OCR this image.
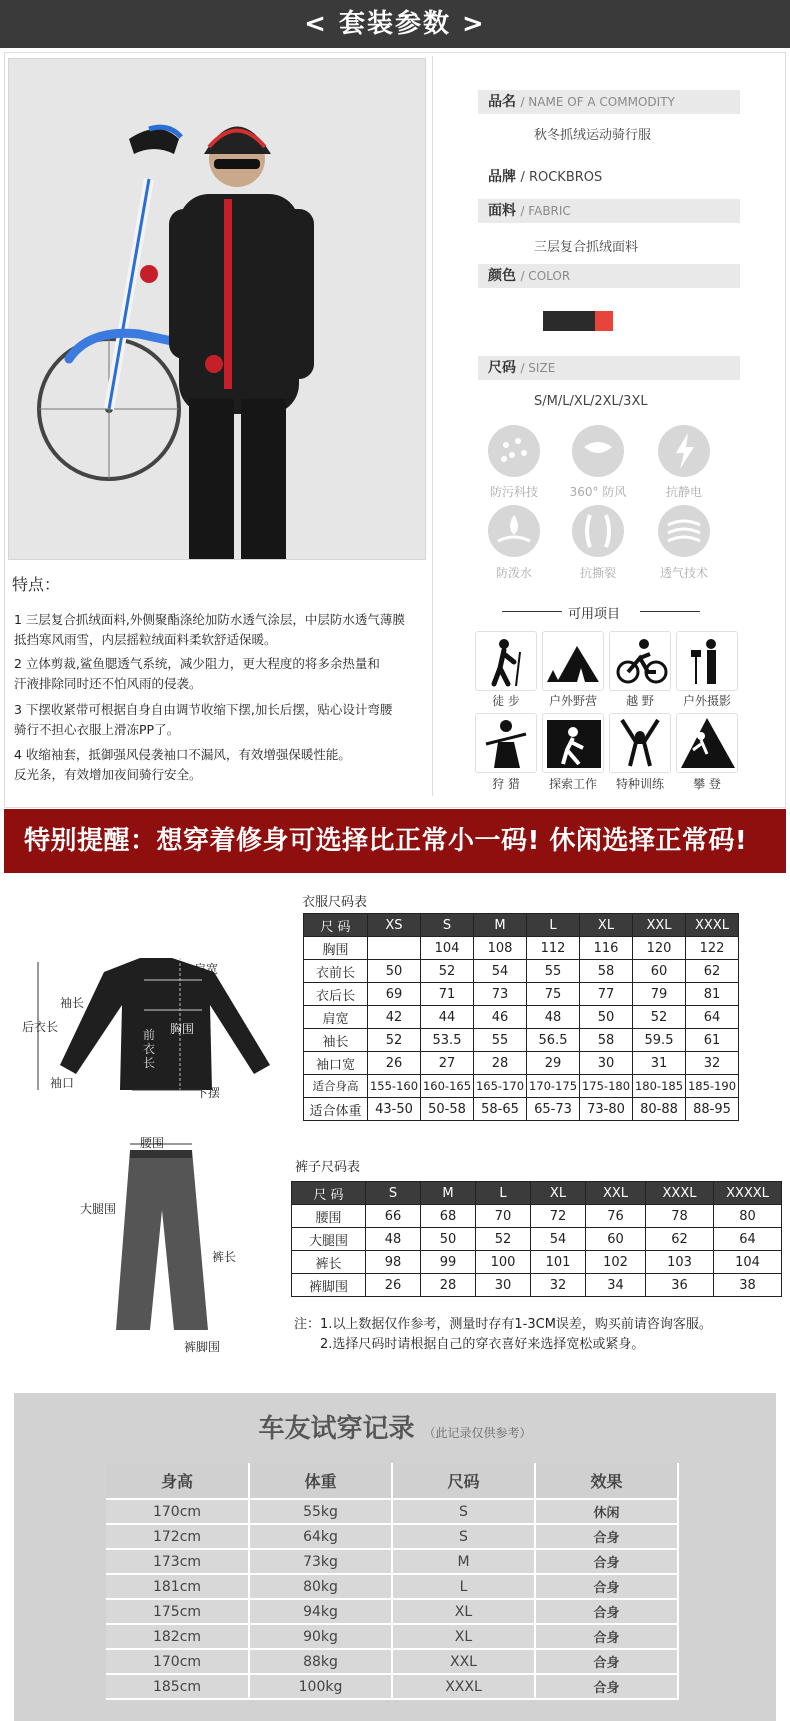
< 套装参数 >
品名 / NAME OF A COMMODITY
秋冬抓绒运动骑行服
品牌 / ROCKBROS
面料 / FABRIC
三层复合抓绒面料
颜色 / COLOR
尺码 / SIZE
S/M/L/XL/2XL/3XL
防污科技	360° 防风	抗静电
防泼水	抗撕裂	透气技术
可用项目
徒 步	户外野营	越 野	户外摄影
狩 猎	探索工作	特种训练	攀 登
特点：
1 三层复合抓绒面料,外侧聚酯涤纶加防水透气涂层，中层防水透气薄膜
抵挡寒风雨雪，内层摇粒绒面料柔软舒适保暖。
2 立体剪裁,鲨鱼腮透气系统，减少阻力，更大程度的将多余热量和
汗液排除同时还不怕风雨的侵袭。
3 下摆收紧带可根据自身自由调节收缩下摆,加长后摆，贴心设计弯腰
骑行不担心衣服上滑冻PP了。
4 收缩袖套，抵御强风侵袭袖口不漏风，有效增强保暖性能。
反光条，有效增加夜间骑行安全。
特别提醒：想穿着修身可选择比正常小一码! 休闲选择正常码!
衣服尺码表
肩宽
袖长
后衣长
前衣长
胸围
袖口
下摆
尺 码	XS	S	M	L	XL	XXL	XXXL
胸围		104	108	112	116	120	122
衣前长	50	52	54	55	58	60	62
衣后长	69	71	73	75	77	79	81
肩宽	42	44	46	48	50	52	64
袖长	52	53.5	55	56.5	58	59.5	61
袖口宽	26	27	28	29	30	31	32
适合身高	155-160	160-165	165-170	170-175	175-180	180-185	185-190
适合体重	43-50	50-58	58-65	65-73	73-80	80-88	88-95
裤子尺码表
腰围
大腿围
裤长
裤脚围
尺 码	S	M	L	XL	XXL	XXXL	XXXXL
腰围	66	68	70	72	76	78	80
大腿围	48	50	52	54	60	62	64
裤长	98	99	100	101	102	103	104
裤脚围	26	28	30	32	34	36	38
注：1.以上数据仅作参考，测量时存有1-3CM误差，购买前请咨询客服。
2.选择尺码时请根据自己的穿衣喜好来选择宽松或紧身。
车友试穿记录 （此记录仅供参考）
身高	体重	尺码	效果
170cm	55kg	S	休闲
172cm	64kg	S	合身
173cm	73kg	M	合身
181cm	80kg	L	合身
175cm	94kg	XL	合身
182cm	90kg	XL	合身
170cm	88kg	XXL	合身
185cm	100kg	XXXL	合身
